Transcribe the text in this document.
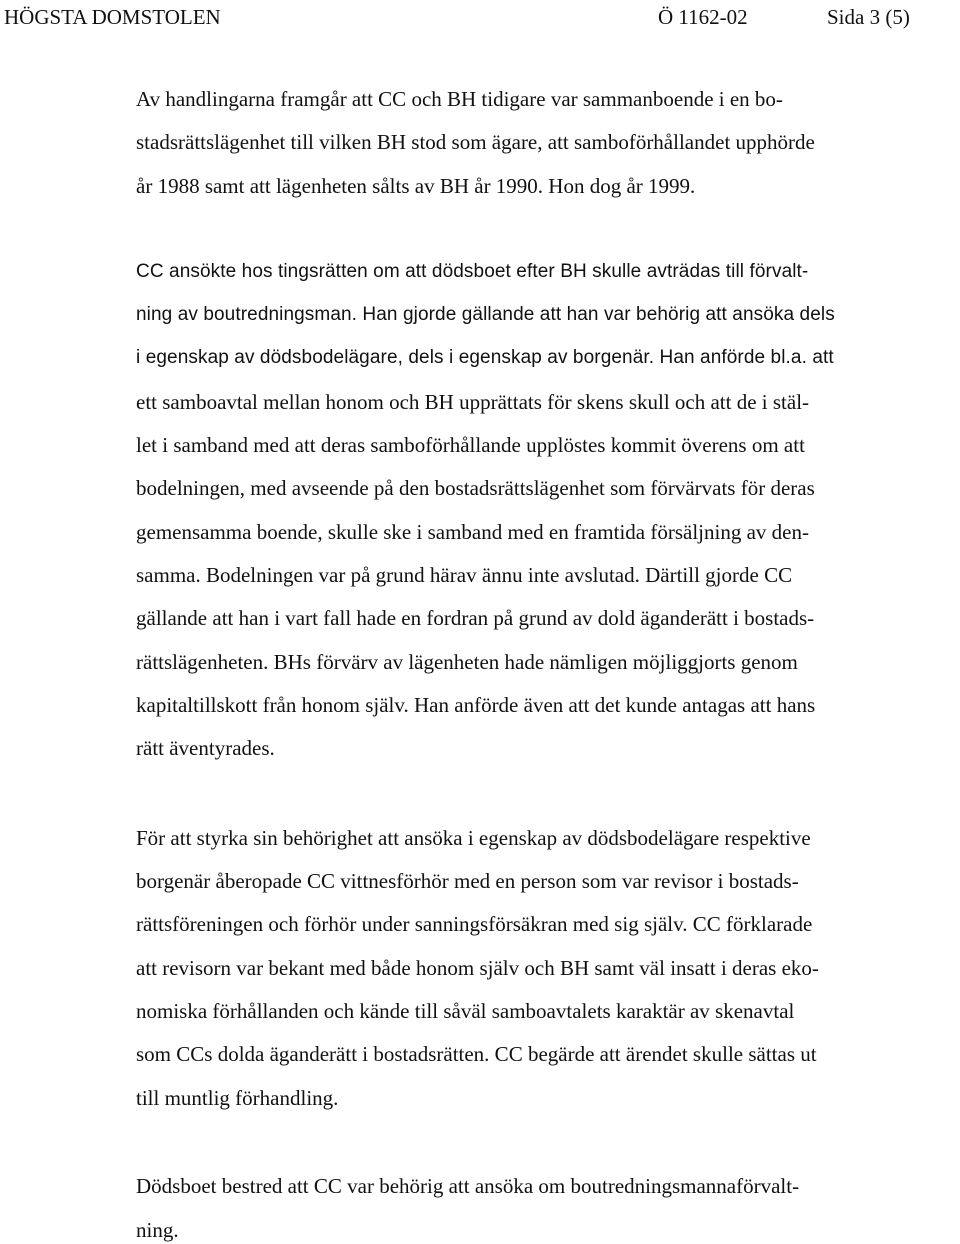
HÖGSTA DOMSTOLEN	Ö 1162-02	Sida 3 (5)
Av handlingarna framgår att CC och BH tidigare var sammanboende i en bo-
stadsrättslägenhet till vilken BH stod som ägare, att samboförhållandet upphörde
år 1988 samt att lägenheten sålts av BH år 1990. Hon dog år 1999.
CC ansökte hos tingsrätten om att dödsboet efter BH skulle avträdas till förvalt-
ning av boutredningsman. Han gjorde gällande att han var behörig att ansöka dels
i egenskap av dödsbodelägare, dels i egenskap av borgenär. Han anförde bl.a. att
ett samboavtal mellan honom och BH upprättats för skens skull och att de i stäl-
let i samband med att deras samboförhållande upplöstes kommit överens om att
bodelningen, med avseende på den bostadsrättslägenhet som förvärvats för deras
gemensamma boende, skulle ske i samband med en framtida försäljning av den-
samma. Bodelningen var på grund härav ännu inte avslutad. Därtill gjorde CC
gällande att han i vart fall hade en fordran på grund av dold äganderätt i bostads-
rättslägenheten. BHs förvärv av lägenheten hade nämligen möjliggjorts genom
kapitaltillskott från honom själv. Han anförde även att det kunde antagas att hans
rätt äventyrades.
För att styrka sin behörighet att ansöka i egenskap av dödsbodelägare respektive
borgenär åberopade CC vittnesförhör med en person som var revisor i bostads-
rättsföreningen och förhör under sanningsförsäkran med sig själv. CC förklarade
att revisorn var bekant med både honom själv och BH samt väl insatt i deras eko-
nomiska förhållanden och kände till såväl samboavtalets karaktär av skenavtal
som CCs dolda äganderätt i bostadsrätten. CC begärde att ärendet skulle sättas ut
till muntlig förhandling.
Dödsboet bestred att CC var behörig att ansöka om boutredningsmannaförvalt-
ning.
